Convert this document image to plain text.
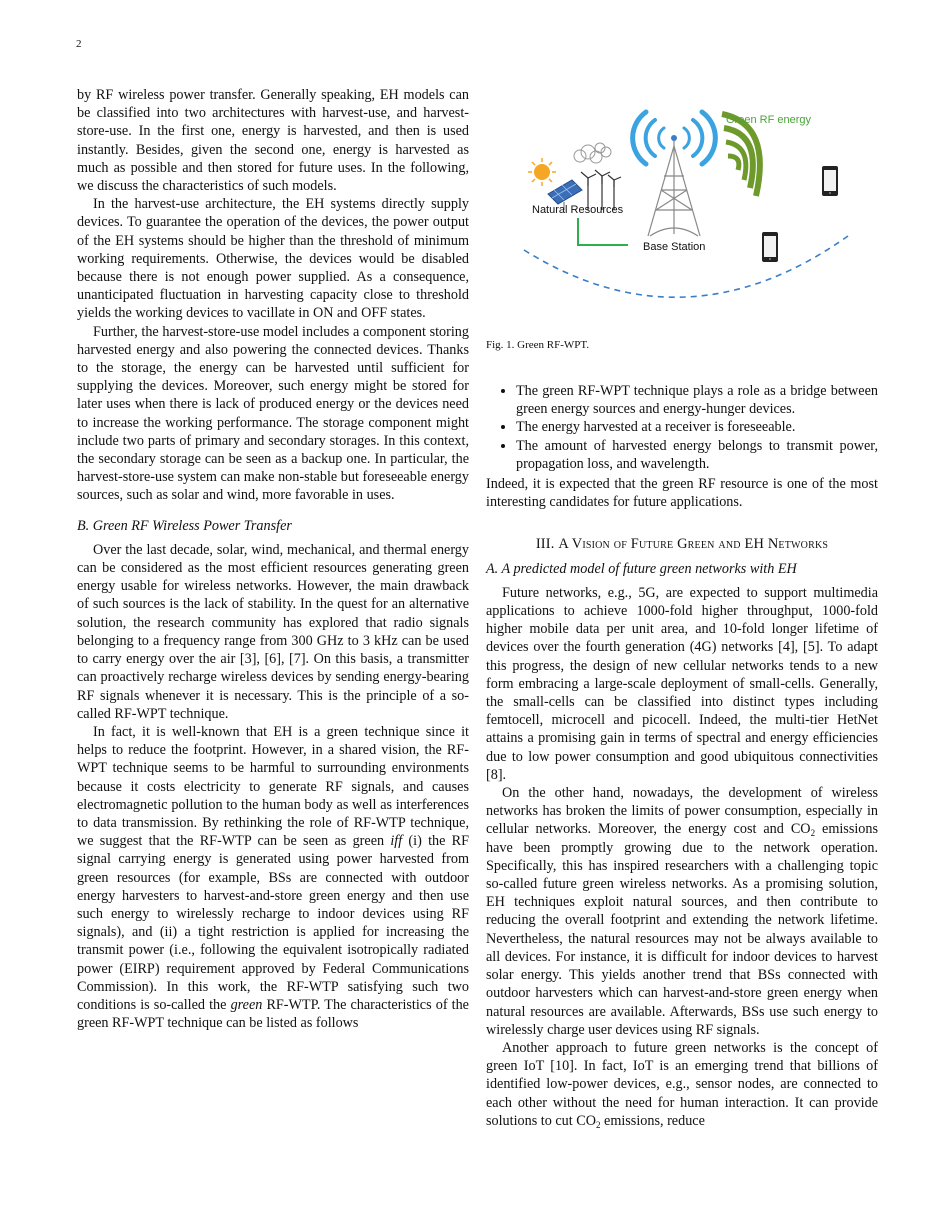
2

by RF wireless power transfer. Generally speaking, EH models can be classified into two architectures with harvest-use, and harvest-store-use. In the first one, energy is harvested, and then is used instantly. Besides, given the second one, energy is harvested as much as possible and then stored for future uses. In the following, we discuss the characteristics of such models.

In the harvest-use architecture, the EH systems directly supply devices. To guarantee the operation of the devices, the power output of the EH systems should be higher than the threshold of minimum working requirements. Otherwise, the devices would be disabled because there is not enough power supplied. As a consequence, unanticipated fluctuation in harvesting capacity close to threshold yields the working devices to vacillate in ON and OFF states.

Further, the harvest-store-use model includes a component storing harvested energy and also powering the connected devices. Thanks to the storage, the energy can be harvested until sufficient for supplying the devices. Moreover, such energy might be stored for later uses when there is lack of produced energy or the devices need to increase the working performance. The storage component might include two parts of primary and secondary storages. In this context, the secondary storage can be seen as a backup one. In particular, the harvest-store-use system can make non-stable but foreseeable energy sources, such as solar and wind, more favorable in uses.

B. Green RF Wireless Power Transfer

Over the last decade, solar, wind, mechanical, and thermal energy can be considered as the most efficient resources generating green energy usable for wireless networks. However, the main drawback of such sources is the lack of stability. In the quest for an alternative solution, the research community has explored that radio signals belonging to a frequency range from 300 GHz to 3 kHz can be used to carry energy over the air [3], [6], [7]. On this basis, a transmitter can proactively recharge wireless devices by sending energy-bearing RF signals whenever it is necessary. This is the principle of a so-called RF-WPT technique.

In fact, it is well-known that EH is a green technique since it helps to reduce the footprint. However, in a shared vision, the RF-WPT technique seems to be harmful to surrounding environments because it costs electricity to generate RF signals, and causes electromagnetic pollution to the human body as well as interferences to data transmission. By rethinking the role of RF-WTP technique, we suggest that the RF-WTP can be seen as green iff (i) the RF signal carrying energy is generated using power harvested from green resources (for example, BSs are connected with outdoor energy harvesters to harvest-and-store green energy and then use such energy to wirelessly recharge to indoor devices using RF signals), and (ii) a tight restriction is applied for increasing the transmit power (i.e., following the equivalent isotropically radiated power (EIRP) requirement approved by Federal Communications Commission). In this work, the RF-WTP satisfying such two conditions is so-called the green RF-WTP. The characteristics of the green RF-WPT technique can be listed as follows

Natural Resources
Base Station
Green RF energy
Fig. 1. Green RF-WPT.
• The green RF-WPT technique plays a role as a bridge between green energy sources and energy-hunger devices.
• The energy harvested at a receiver is foreseeable.
• The amount of harvested energy belongs to transmit power, propagation loss, and wavelength.

Indeed, it is expected that the green RF resource is one of the most interesting candidates for future applications.

III. A Vision of Future Green and EH Networks
A. A predicted model of future green networks with EH

Future networks, e.g., 5G, are expected to support multimedia applications to achieve 1000-fold higher throughput, 1000-fold higher mobile data per unit area, and 10-fold longer lifetime of devices over the fourth generation (4G) networks [4], [5]. To adapt this progress, the design of new cellular networks tends to a new form embracing a large-scale deployment of small-cells. Generally, the small-cells can be classified into distinct types including femtocell, microcell and picocell. Indeed, the multi-tier HetNet attains a promising gain in terms of spectral and energy efficiencies due to low power consumption and good ubiquitous connectivities [8].

On the other hand, nowadays, the development of wireless networks has broken the limits of power consumption, especially in cellular networks. Moreover, the energy cost and $CO_2$ emissions have been promptly growing due to the network operation. Specifically, this has inspired researchers with a challenging topic so-called future green wireless networks. As a promising solution, EH techniques exploit natural sources, and then contribute to reducing the overall footprint and extending the network lifetime. Nevertheless, the natural resources may not be always available to all devices. For instance, it is difficult for indoor devices to harvest solar energy. This yields another trend that BSs connected with outdoor harvesters which can harvest-and-store green energy when natural resources are available. Afterwards, BSs use such energy to wirelessly charge user devices using RF signals.

Another approach to future green networks is the concept of green IoT [10]. In fact, IoT is an emerging trend that billions of identified low-power devices, e.g., sensor nodes, are connected to each other without the need for human interaction. It can provide solutions to cut $CO_2$ emissions, reduce
